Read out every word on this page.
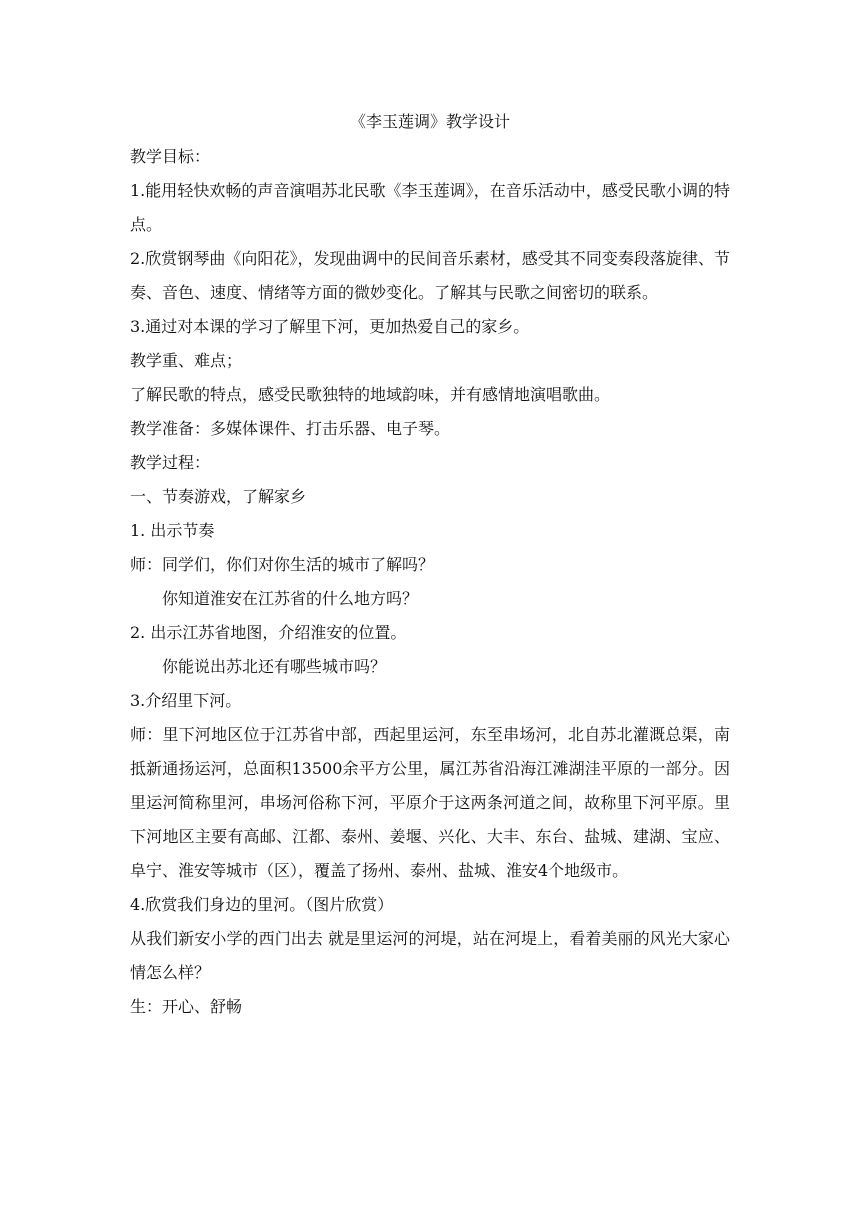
《李玉莲调》教学设计
教学目标：
1.能用轻快欢畅的声音演唱苏北民歌《李玉莲调》，在音乐活动中，感受民歌小调的特点。
2.欣赏钢琴曲《向阳花》，发现曲调中的民间音乐素材，感受其不同变奏段落旋律、节奏、音色、速度、情绪等方面的微妙变化。了解其与民歌之间密切的联系。
3.通过对本课的学习了解里下河，更加热爱自己的家乡。
教学重、难点；
了解民歌的特点，感受民歌独特的地域韵味，并有感情地演唱歌曲。
教学准备：多媒体课件、打击乐器、电子琴。
教学过程：
一、节奏游戏，了解家乡
1. 出示节奏
师：同学们，你们对你生活的城市了解吗？
你知道淮安在江苏省的什么地方吗？
2. 出示江苏省地图，介绍淮安的位置。
你能说出苏北还有哪些城市吗？
3.介绍里下河。
师：里下河地区位于江苏省中部，西起里运河，东至串场河，北自苏北灌溉总渠，南抵新通扬运河，总面积13500余平方公里，属江苏省沿海江滩湖洼平原的一部分。因里运河简称里河，串场河俗称下河，平原介于这两条河道之间，故称里下河平原。里下河地区主要有高邮、江都、泰州、姜堰、兴化、大丰、东台、盐城、建湖、宝应、阜宁、淮安等城市（区），覆盖了扬州、泰州、盐城、淮安4个地级市。
4.欣赏我们身边的里河。（图片欣赏）
从我们新安小学的西门出去 就是里运河的河堤，站在河堤上，看着美丽的风光大家心情怎么样？
生：开心、舒畅
